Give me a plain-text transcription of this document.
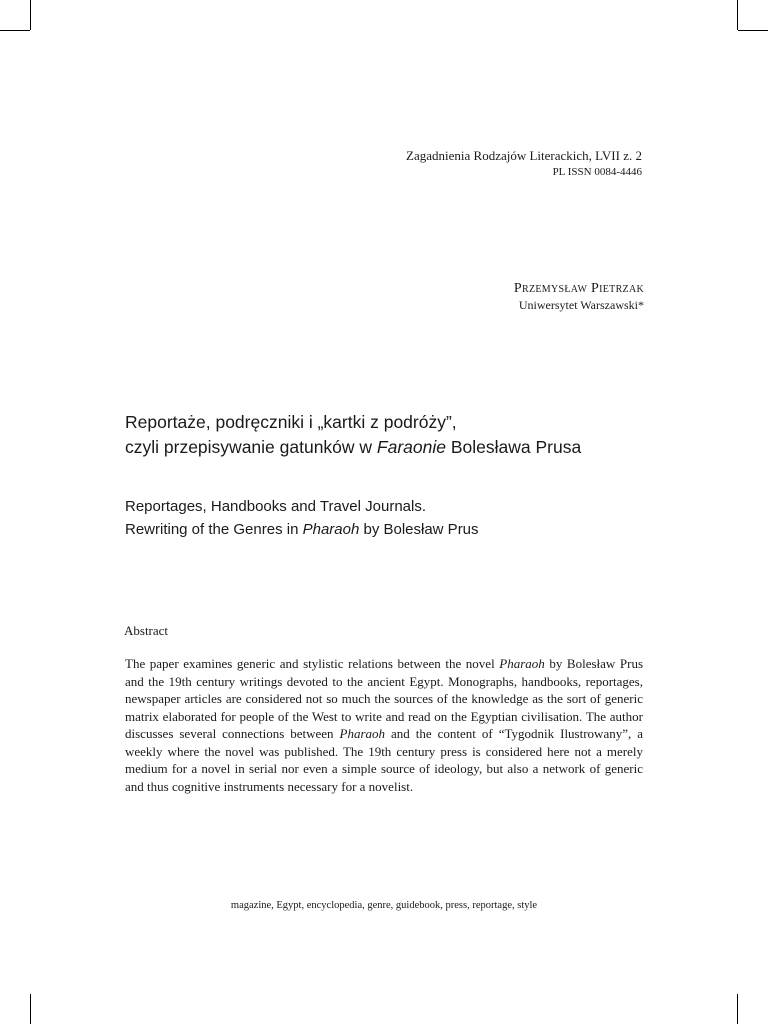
Zagadnienia Rodzajów Literackich, LVII z. 2
PL ISSN 0084-4446
Przemysław Pietrzak
Uniwersytet Warszawski*
Reportaże, podręczniki i „kartki z podróży”,
czyli przepisywanie gatunków w Faraonie Bolesława Prusa
Reportages, Handbooks and Travel Journals.
Rewriting of the Genres in Pharaoh by Bolesław Prus
Abstract
The paper examines generic and stylistic relations between the novel Pharaoh by Bolesław Prus and the 19th century writings devoted to the ancient Egypt. Monographs, handbooks, reportages, newspaper articles are considered not so much the sources of the knowledge as the sort of generic matrix elaborated for people of the West to write and read on the Egyptian civilisation. The author discusses several connections between Pharaoh and the content of “Tygodnik Ilustrowany”, a weekly where the novel was published. The 19th century press is considered here not a merely medium for a novel in serial nor even a simple source of ideology, but also a network of generic and thus cognitive instruments necessary for a novelist.
magazine, Egypt, encyclopedia, genre, guidebook, press, reportage, style
